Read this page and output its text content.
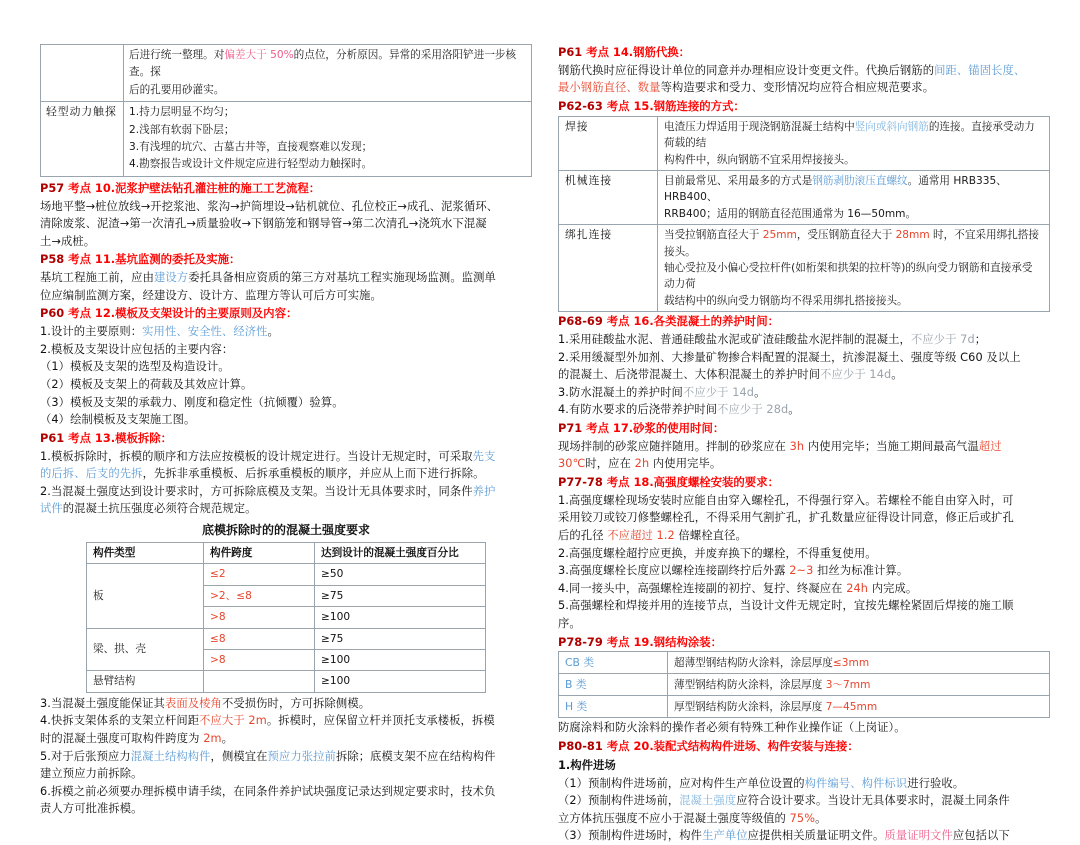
	后进行统一整理。对偏差大于 50%的点位，分析原因。异常的采用洛阳铲进一步核查。探
后的孔要用砂灌实。

轻型动力触探	1.持力层明显不均匀；
2.浅部有软弱下卧层；
3.有浅埋的坑穴、古墓古井等，直接观察难以发现；
4.勘察报告或设计文件规定应进行轻型动力触探时。

P57 考点 10.泥浆护壁法钻孔灌注桩的施工工艺流程：

场地平整→桩位放线→开挖浆池、浆沟→护筒埋设→钻机就位、孔位校正→成孔、泥浆循环、

清除废浆、泥渣→第一次清孔→质量验收→下钢筋笼和钢导管→第二次清孔→浇筑水下混凝

土→成桩。

P58 考点 11.基坑监测的委托及实施：

基坑工程施工前，应由建设方委托具备相应资质的第三方对基坑工程实施现场监测。监测单

位应编制监测方案，经建设方、设计方、监理方等认可后方可实施。

P60 考点 12.模板及支架设计的主要原则及内容：

1.设计的主要原则：实用性、安全性、经济性。

2.模板及支架设计应包括的主要内容：

（1）模板及支架的选型及构造设计。

（2）模板及支架上的荷载及其效应计算。

（3）模板及支架的承载力、刚度和稳定性（抗倾覆）验算。

（4）绘制模板及支架施工图。

P61 考点 13.模板拆除：

1.模板拆除时，拆模的顺序和方法应按模板的设计规定进行。当设计无规定时，可采取先支

的后拆、后支的先拆，先拆非承重模板、后拆承重模板的顺序，并应从上而下进行拆除。

2.当混凝土强度达到设计要求时，方可拆除底模及支架。当设计无具体要求时，同条件养护

试件的混凝土抗压强度必须符合规范规定。

底模拆除时的的混凝土强度要求

构件类型	构件跨度	达到设计的混凝土强度百分比
板	≤2	≥50
	>2、≤8	≥75
	>8	≥100
梁、拱、壳	≤8	≥75
	>8	≥100
悬臂结构		≥100

3.当混凝土强度能保证其表面及棱角不受损伤时，方可拆除侧模。

4.快拆支架体系的支架立杆间距不应大于 2m。拆模时，应保留立杆并顶托支承楼板，拆模

时的混凝土强度可取构件跨度为 2m。

5.对于后张预应力混凝土结构构件，侧模宜在预应力张拉前拆除；底模支架不应在结构构件

建立预应力前拆除。

6.拆模之前必须要办理拆模申请手续，在同条件养护试块强度记录达到规定要求时，技术负

责人方可批准拆模。

P61 考点 14.钢筋代换：

钢筋代换时应征得设计单位的同意并办理相应设计变更文件。代换后钢筋的间距、锚固长度、

最小钢筋直径、数量等构造要求和受力、变形情况均应符合相应规范要求。

P62-63 考点 15.钢筋连接的方式：

焊接	电渣压力焊适用于现浇钢筋混凝土结构中竖向或斜向钢筋的连接。直接承受动力荷载的结
构构件中，纵向钢筋不宜采用焊接接头。

机械连接	目前最常见、采用最多的方式是钢筋剥肋滚压直螺纹。通常用 HRB335、HRB400、
RRB400；适用的钢筋直径范围通常为 16—50mm。

绑扎连接	当受拉钢筋直径大于 25mm，受压钢筋直径大于 28mm 时，不宜采用绑扎搭接接头。
轴心受拉及小偏心受拉杆件(如桁架和拱架的拉杆等)的纵向受力钢筋和直接承受动力荷
载结构中的纵向受力钢筋均不得采用绑扎搭接接头。

P68-69 考点 16.各类混凝土的养护时间：

1.采用硅酸盐水泥、普通硅酸盐水泥或矿渣硅酸盐水泥拌制的混凝土，不应少于 7d；

2.采用缓凝型外加剂、大掺量矿物掺合料配置的混凝土，抗渗混凝土、强度等级 C60 及以上

的混凝土、后浇带混凝土、大体积混凝土的养护时间不应少于 14d。

3.防水混凝土的养护时间不应少于 14d。

4.有防水要求的后浇带养护时间不应少于 28d。

P71 考点 17.砂浆的使用时间：

现场拌制的砂浆应随拌随用。拌制的砂浆应在 3h 内使用完毕；当施工期间最高气温超过

30℃时，应在 2h 内使用完毕。

P77-78 考点 18.高强度螺栓安装的要求：

1.高强度螺栓现场安装时应能自由穿入螺栓孔，不得强行穿入。若螺栓不能自由穿入时，可

采用铰刀或铰刀修整螺栓孔，不得采用气割扩孔，扩孔数量应征得设计同意，修正后或扩孔

后的孔径 不应超过 1.2 倍螺栓直径。

2.高强度螺栓超拧应更换，并废弃换下的螺栓，不得重复使用。

3.高强度螺栓长度应以螺栓连接副终拧后外露 2~3 扣丝为标准计算。

4.同一接头中，高强螺栓连接副的初拧、复拧、终凝应在 24h 内完成。

5.高强螺栓和焊接并用的连接节点，当设计文件无规定时，宜按先螺栓紧固后焊接的施工顺

序。

P78-79 考点 19.钢结构涂装：

CB 类	超薄型钢结构防火涂料，涂层厚度≤3mm
B 类	薄型钢结构防火涂料，涂层厚度 3～7mm
H 类	厚型钢结构防火涂料，涂层厚度 7—45mm

防腐涂料和防火涂料的操作者必须有特殊工种作业操作证（上岗证）。

P80-81 考点 20.装配式结构构件进场、构件安装与连接：

1.构件进场

（1）预制构件进场前，应对构件生产单位设置的构件编号、构件标识进行验收。

（2）预制构件进场前，混凝土强度应符合设计要求。当设计无具体要求时，混凝土同条件

立方体抗压强度不应小于混凝土强度等级值的 75%。

（3）预制构件进场时，构件生产单位应提供相关质量证明文件。质量证明文件应包括以下
